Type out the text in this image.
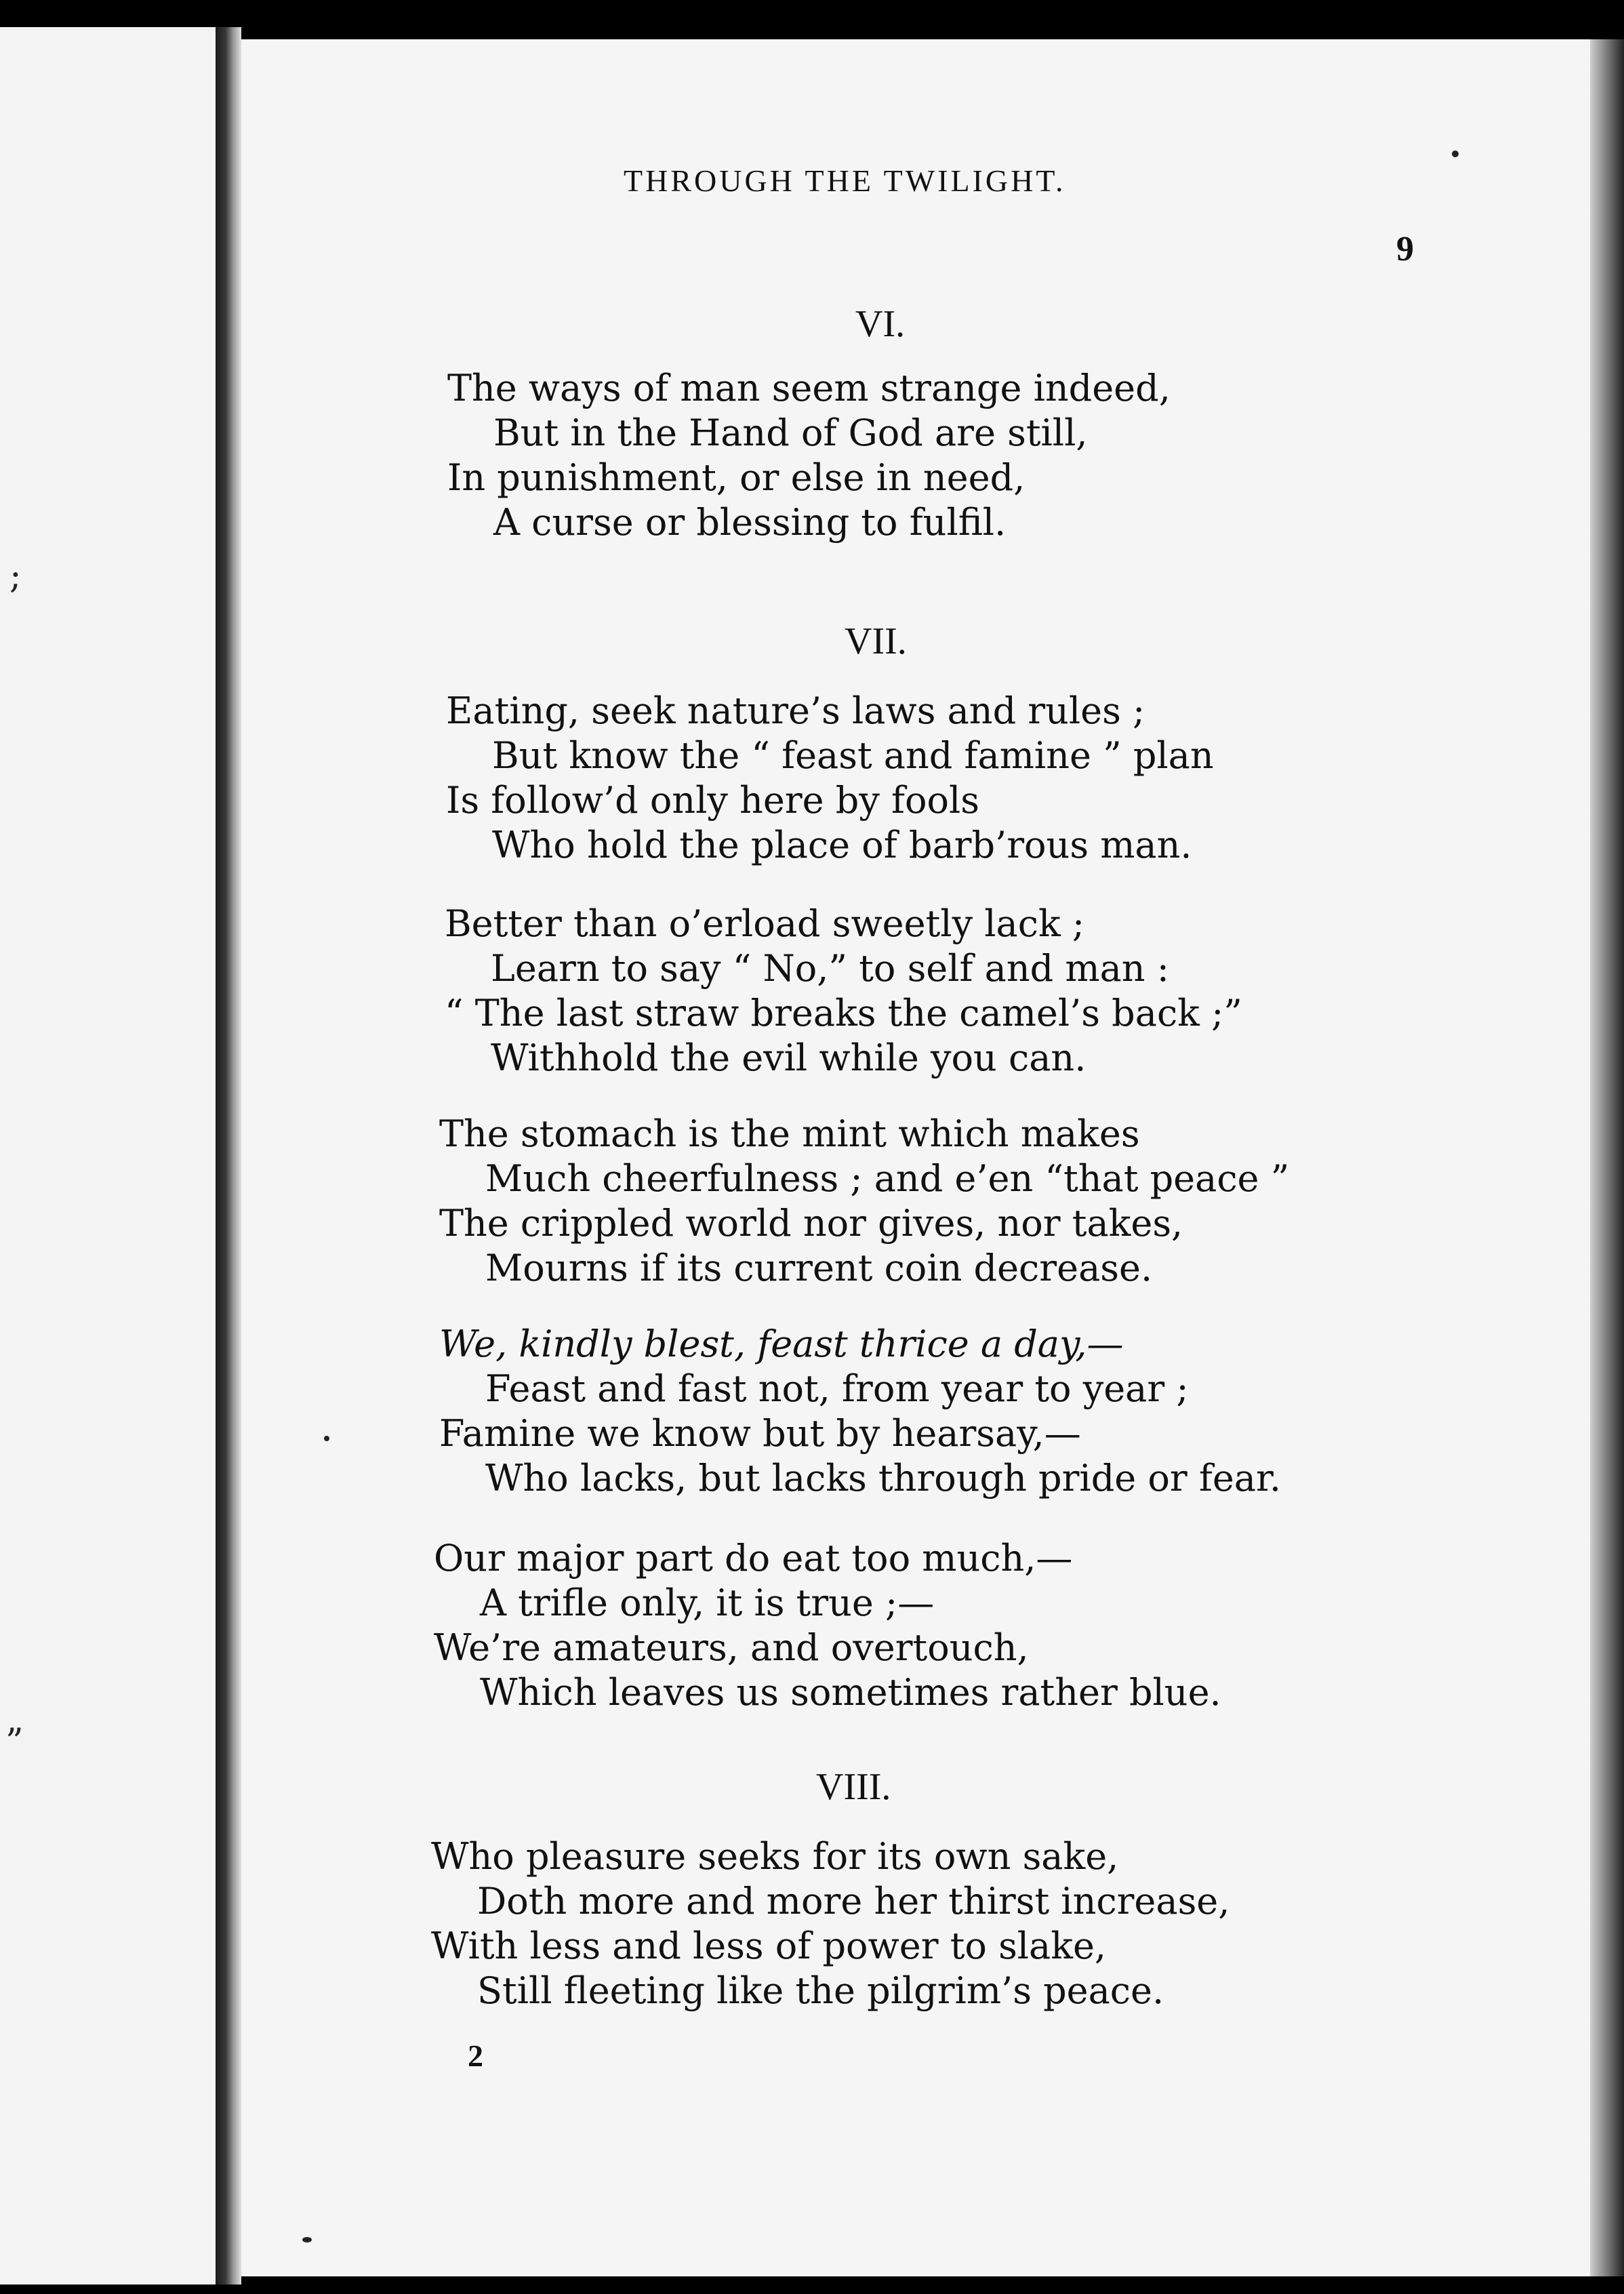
;
”
THROUGH THE TWILIGHT.
9
VI.
The ways of man seem strange indeed,
But in the Hand of God are still,
In punishment, or else in need,
A curse or blessing to fulfil.
VII.
Eating, seek nature’s laws and rules ;
But know the “ feast and famine ” plan
Is follow’d only here by fools
Who hold the place of barb’rous man.
Better than o’erload sweetly lack ;
Learn to say “ No,” to self and man :
“ The last straw breaks the camel’s back ;”
Withhold the evil while you can.
The stomach is the mint which makes
Much cheerfulness ; and e’en “that peace ”
The crippled world nor gives, nor takes,
Mourns if its current coin decrease.
We, kindly blest, feast thrice a day,—
Feast and fast not, from year to year ;
Famine we know but by hearsay,—
Who lacks, but lacks through pride or fear.
Our major part do eat too much,—
A trifle only, it is true ;—
We’re amateurs, and overtouch,
Which leaves us sometimes rather blue.
VIII.
Who pleasure seeks for its own sake,
Doth more and more her thirst increase,
With less and less of power to slake,
Still fleeting like the pilgrim’s peace.
2
